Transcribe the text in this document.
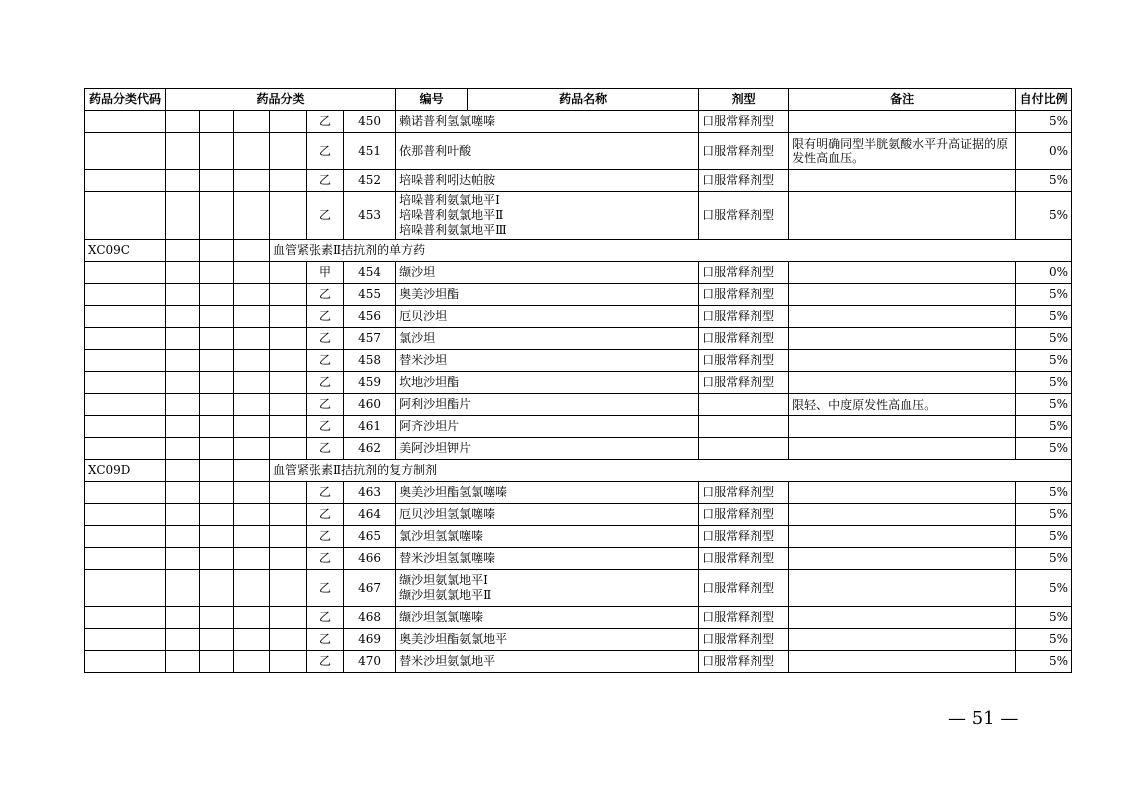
药品分类代码	药品分类						编号	药品名称	剂型	备注	自付比例
					乙	450	赖诺普利氢氯噻嗪		口服常释剂型		5%
					乙	451	依那普利叶酸		口服常释剂型	限有明确同型半胱氨酸水平升高证据的原发性高血压。	0%
					乙	452	培哚普利吲达帕胺		口服常释剂型		5%
					乙	453	培哚普利氨氯地平Ⅰ
培哚普利氨氯地平Ⅱ
培哚普利氨氯地平Ⅲ		口服常释剂型		5%
XC09C				血管紧张素Ⅱ拮抗剂的单方药							
					甲	454	缬沙坦		口服常释剂型		0%
					乙	455	奥美沙坦酯		口服常释剂型		5%
					乙	456	厄贝沙坦		口服常释剂型		5%
					乙	457	氯沙坦		口服常释剂型		5%
					乙	458	替米沙坦		口服常释剂型		5%
					乙	459	坎地沙坦酯		口服常释剂型		5%
					乙	460	阿利沙坦酯片			限轻、中度原发性高血压。	5%
					乙	461	阿齐沙坦片				5%
					乙	462	美阿沙坦钾片				5%
XC09D				血管紧张素Ⅱ拮抗剂的复方制剂							
					乙	463	奥美沙坦酯氢氯噻嗪		口服常释剂型		5%
					乙	464	厄贝沙坦氢氯噻嗪		口服常释剂型		5%
					乙	465	氯沙坦氢氯噻嗪		口服常释剂型		5%
					乙	466	替米沙坦氢氯噻嗪		口服常释剂型		5%
					乙	467	缬沙坦氨氯地平Ⅰ
缬沙坦氨氯地平Ⅱ		口服常释剂型		5%
					乙	468	缬沙坦氢氯噻嗪		口服常释剂型		5%
					乙	469	奥美沙坦酯氨氯地平		口服常释剂型		5%
					乙	470	替米沙坦氨氯地平		口服常释剂型		5%
— 51 —
